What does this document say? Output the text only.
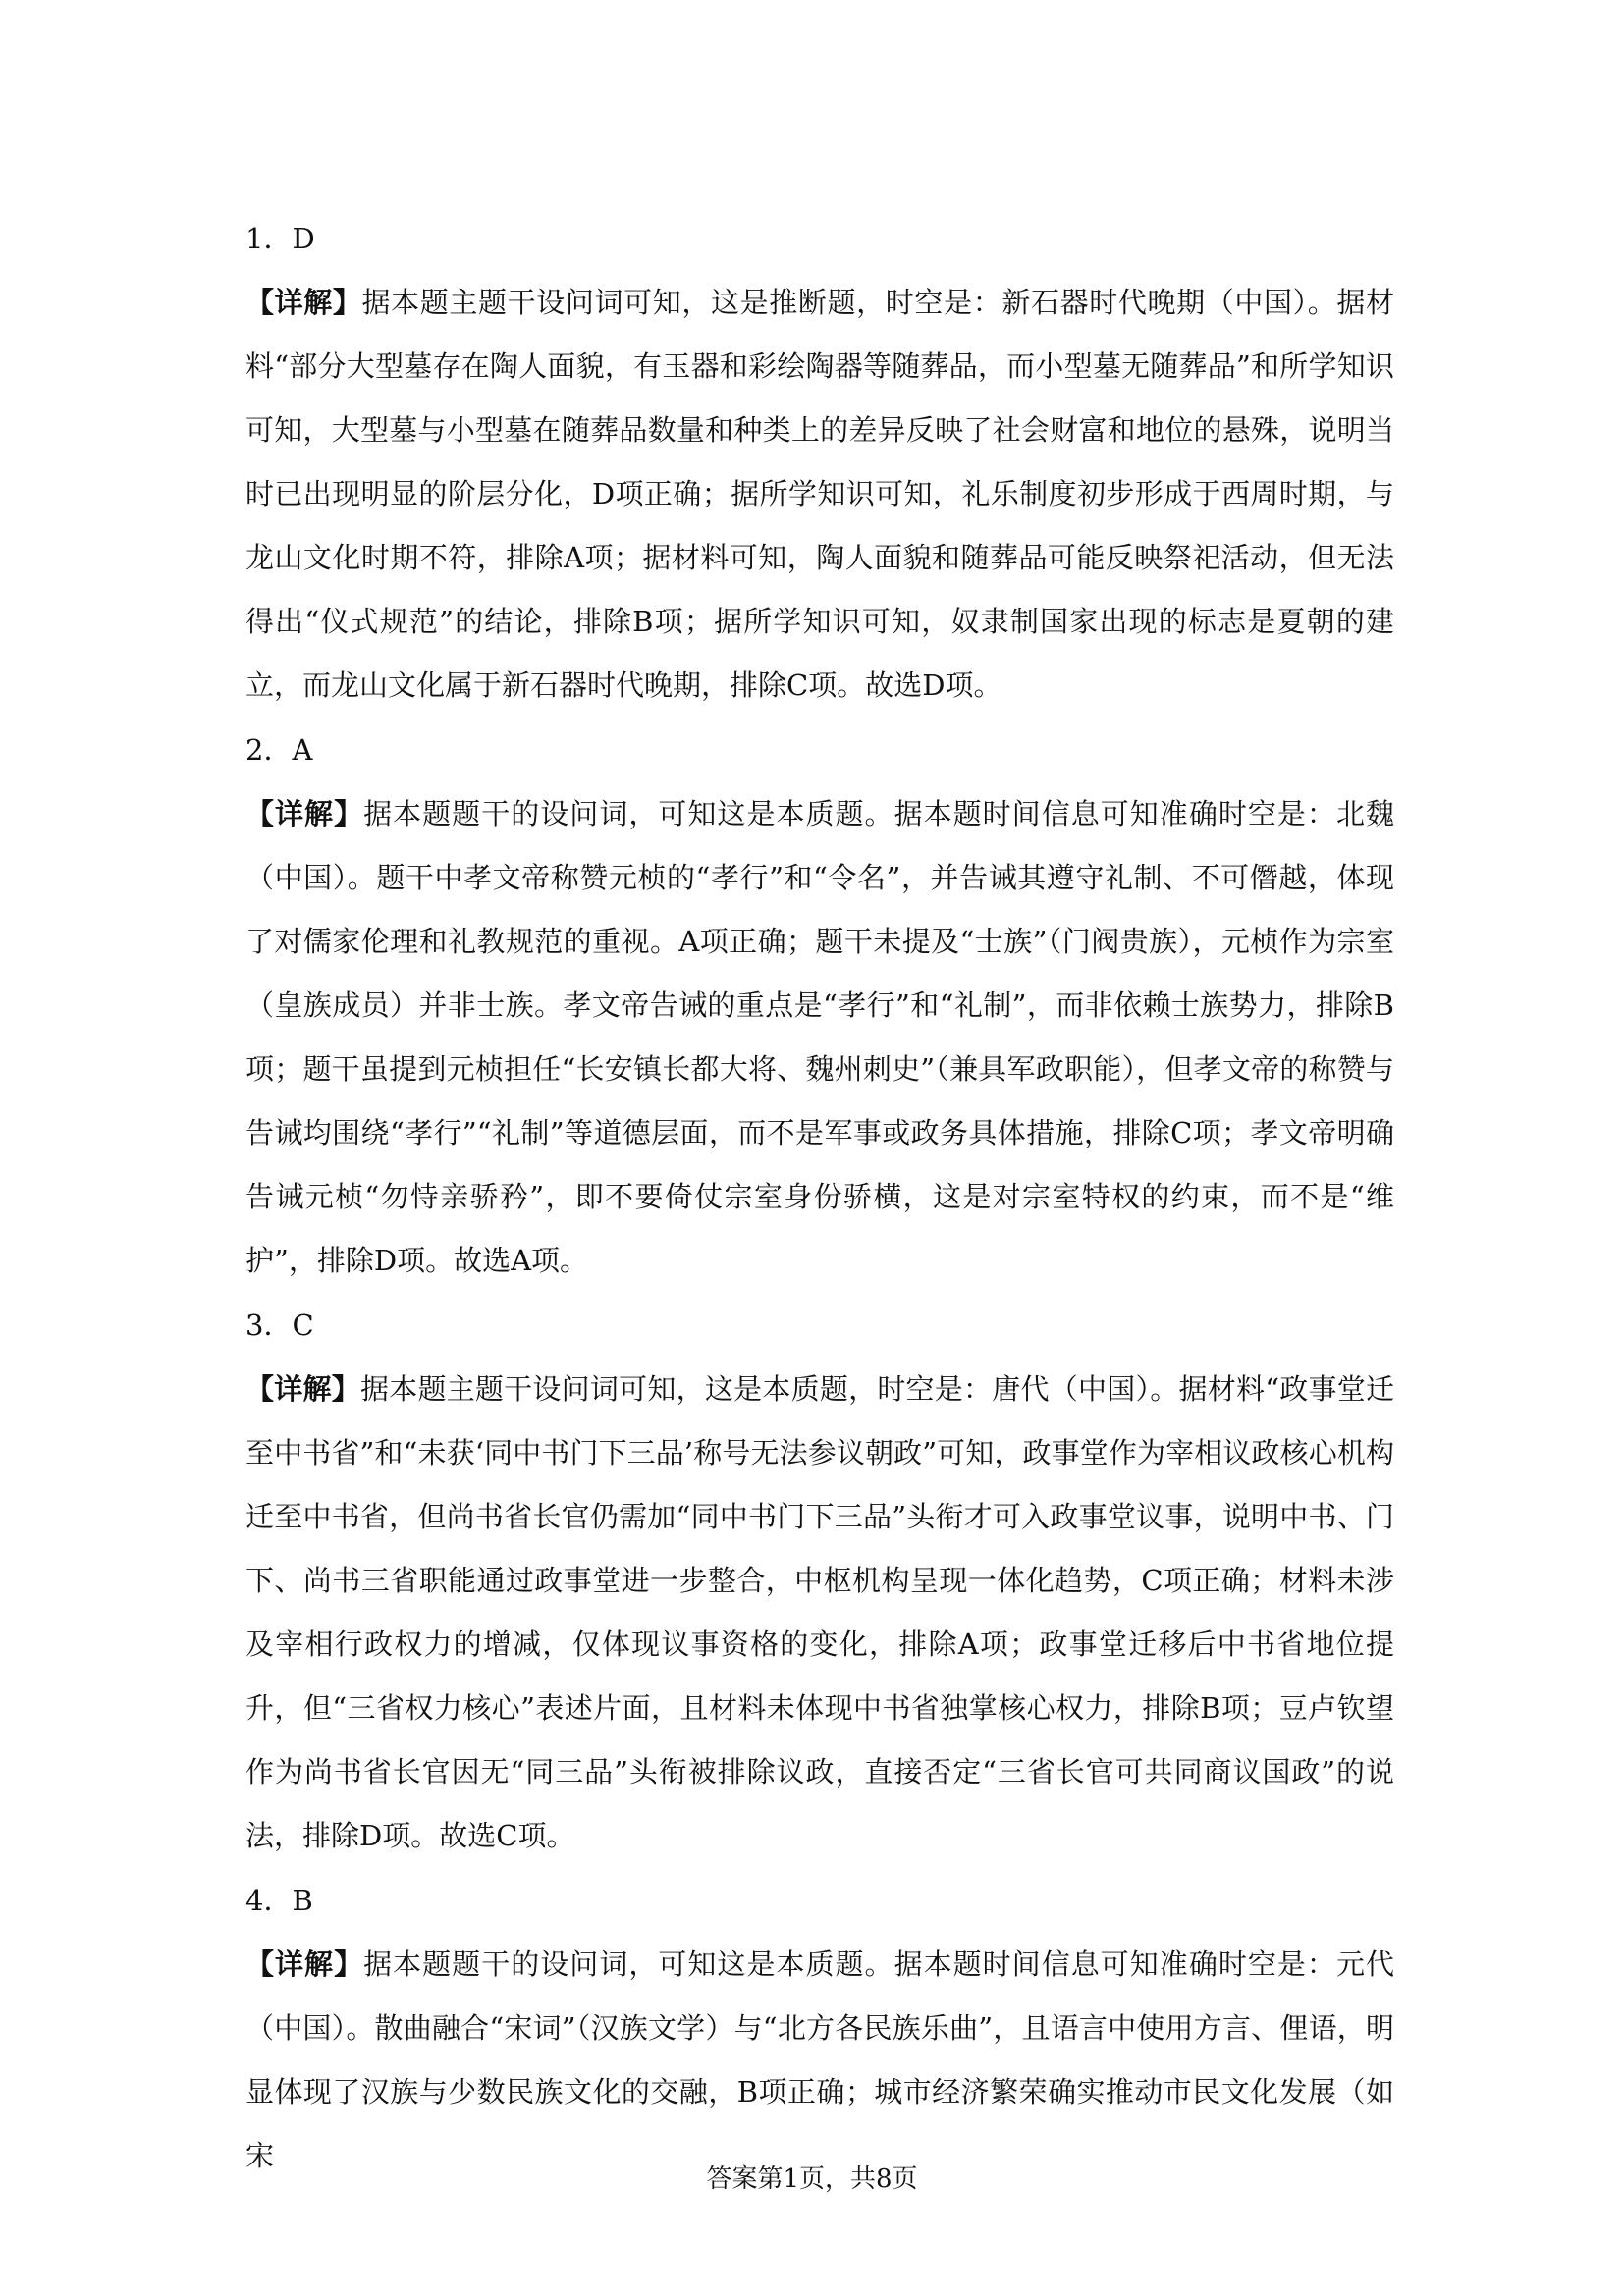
1．D

【详解】据本题主题干设问词可知，这是推断题，时空是：新石器时代晚期（中国）。据材料“部分大型墓存在陶人面貌，有玉器和彩绘陶器等随葬品，而小型墓无随葬品”和所学知识可知，大型墓与小型墓在随葬品数量和种类上的差异反映了社会财富和地位的悬殊，说明当时已出现明显的阶层分化，D项正确；据所学知识可知，礼乐制度初步形成于西周时期，与龙山文化时期不符，排除A项；据材料可知，陶人面貌和随葬品可能反映祭祀活动，但无法得出“仪式规范”的结论，排除B项；据所学知识可知，奴隶制国家出现的标志是夏朝的建立，而龙山文化属于新石器时代晚期，排除C项。故选D项。

2．A

【详解】据本题题干的设问词，可知这是本质题。据本题时间信息可知准确时空是：北魏（中国）。题干中孝文帝称赞元桢的“孝行”和“令名”，并告诫其遵守礼制、不可僭越，体现了对儒家伦理和礼教规范的重视。A项正确；题干未提及“士族”（门阀贵族），元桢作为宗室（皇族成员）并非士族。孝文帝告诫的重点是“孝行”和“礼制”，而非依赖士族势力，排除B项；题干虽提到元桢担任“长安镇长都大将、魏州刺史”（兼具军政职能），但孝文帝的称赞与告诫均围绕“孝行”“礼制”等道德层面，而不是军事或政务具体措施，排除C项；孝文帝明确告诫元桢“勿恃亲骄矜”，即不要倚仗宗室身份骄横，这是对宗室特权的约束，而不是“维护”，排除D项。故选A项。

3．C

【详解】据本题主题干设问词可知，这是本质题，时空是：唐代（中国）。据材料“政事堂迁至中书省”和“未获‘同中书门下三品’称号无法参议朝政”可知，政事堂作为宰相议政核心机构迁至中书省，但尚书省长官仍需加“同中书门下三品”头衔才可入政事堂议事，说明中书、门下、尚书三省职能通过政事堂进一步整合，中枢机构呈现一体化趋势，C项正确；材料未涉及宰相行政权力的增减，仅体现议事资格的变化，排除A项；政事堂迁移后中书省地位提升，但“三省权力核心”表述片面，且材料未体现中书省独掌核心权力，排除B项；豆卢钦望作为尚书省长官因无“同三品”头衔被排除议政，直接否定“三省长官可共同商议国政”的说法，排除D项。故选C项。

4．B

【详解】据本题题干的设问词，可知这是本质题。据本题时间信息可知准确时空是：元代（中国）。散曲融合“宋词”（汉族文学）与“北方各民族乐曲”，且语言中使用方言、俚语，明显体现了汉族与少数民族文化的交融，B项正确；城市经济繁荣确实推动市民文化发展（如宋

答案第1页，共8页
